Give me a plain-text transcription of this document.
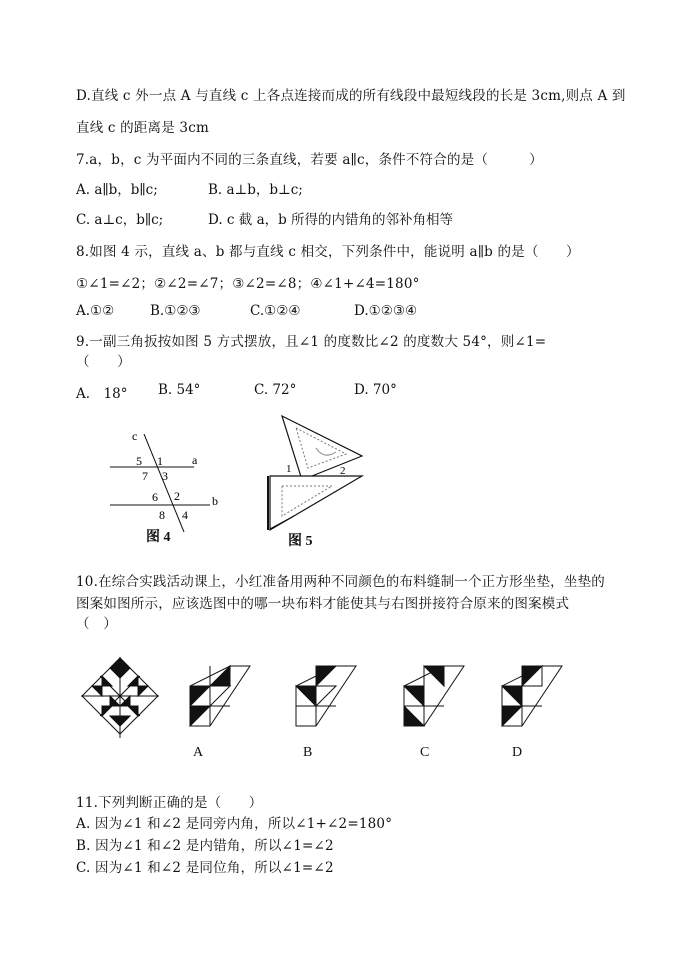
D.直线 c 外一点 A 与直线 c 上各点连接而成的所有线段中最短线段的长是 3cm,则点 A 到
直线 c 的距离是 3cm
7.a，b，c 为平面内不同的三条直线，若要 a∥c，条件不符合的是（　　　）
A. a∥b，b∥c;	B. a⊥b，b⊥c;
C. a⊥c，b∥c;	D. c 截 a，b 所得的内错角的邻补角相等
8.如图 4 示，直线 a、b 都与直线 c 相交，下列条件中，能说明 a∥b 的是（　　）
①∠1=∠2；②∠2=∠7；③∠2=∠8；④∠1+∠4=180°
A.①②	B.①②③	C.①②④	D.①②③④
9.一副三角扳按如图 5 方式摆放，且∠1 的度数比∠2 的度数大 54°，则∠1=
（　　）
A.　18° B. 54°	C. 72°	D. 70°
c
a
b
5 1
7 3
6 2
8 4
图 4
1	2
图 5
10.在综合实践活动课上，小红准备用两种不同颜色的布料缝制一个正方形坐垫，坐垫的
图案如图所示，应该选图中的哪一块布料才能使其与右图拼接符合原来的图案模式
（　）
A	B	C	D
11.下列判断正确的是（　　）
A. 因为∠1 和∠2 是同旁内角，所以∠1+∠2=180°
B. 因为∠1 和∠2 是内错角，所以∠1=∠2
C. 因为∠1 和∠2 是同位角，所以∠1=∠2
